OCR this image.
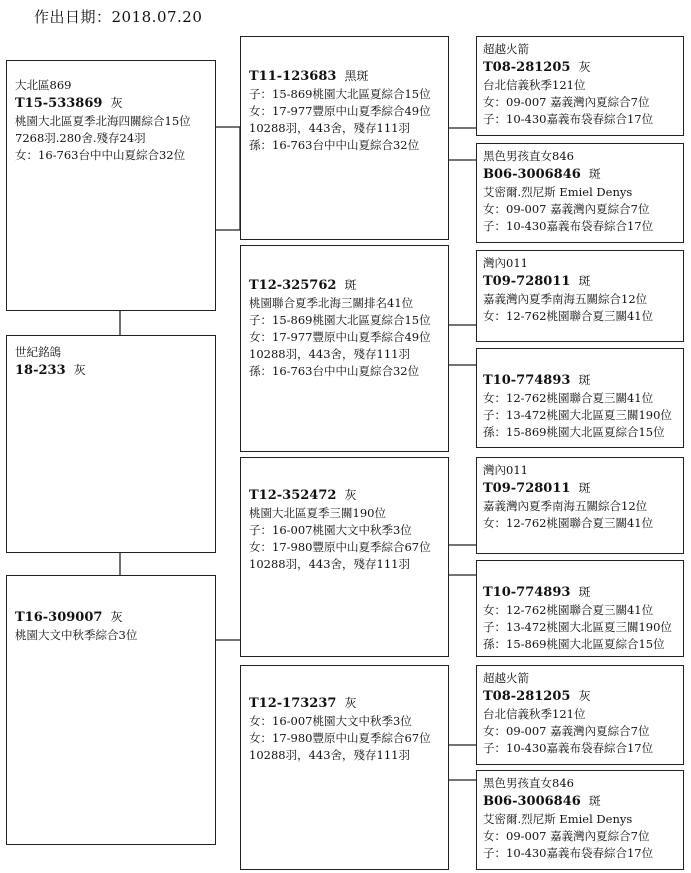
作出日期：2018.07.20
大北區869
T15-533869 灰
桃園大北區夏季北海四關綜合15位
7268羽.280舍.殘存24羽
女：16-763台中中山夏綜合32位
世紀銘鴿
18-233 灰
T16-309007 灰
桃園大文中秋季綜合3位
T11-123683 黑斑
子：15-869桃園大北區夏綜合15位
女：17-977豐原中山夏季綜合49位
10288羽，443舍，殘存111羽
孫：16-763台中中山夏綜合32位
T12-325762 斑
桃園聯合夏季北海三關排名41位
子：15-869桃園大北區夏綜合15位
女：17-977豐原中山夏季綜合49位
10288羽，443舍，殘存111羽
孫：16-763台中中山夏綜合32位
T12-352472 灰
桃園大北區夏季三關190位
子：16-007桃園大文中秋季3位
女：17-980豐原中山夏季綜合67位
10288羽，443舍，殘存111羽
T12-173237 灰
女：16-007桃園大文中秋季3位
女：17-980豐原中山夏季綜合67位
10288羽，443舍，殘存111羽
超越火箭
T08-281205 灰
台北信義秋季121位
女：09-007 嘉義灣內夏綜合7位
子：10-430嘉義布袋春綜合17位
黑色男孩直女846
B06-3006846 斑
艾密爾.烈尼斯 Emiel Denys
女：09-007 嘉義灣內夏綜合7位
子：10-430嘉義布袋春綜合17位
灣內011
T09-728011 斑
嘉義灣內夏季南海五關綜合12位
女：12-762桃園聯合夏三關41位
T10-774893 斑
女：12-762桃園聯合夏三關41位
子：13-472桃園大北區夏三關190位
孫：15-869桃園大北區夏綜合15位
灣內011
T09-728011 斑
嘉義灣內夏季南海五關綜合12位
女：12-762桃園聯合夏三關41位
T10-774893 斑
女：12-762桃園聯合夏三關41位
子：13-472桃園大北區夏三關190位
孫：15-869桃園大北區夏綜合15位
超越火箭
T08-281205 灰
台北信義秋季121位
女：09-007 嘉義灣內夏綜合7位
子：10-430嘉義布袋春綜合17位
黑色男孩直女846
B06-3006846 斑
艾密爾.烈尼斯 Emiel Denys
女：09-007 嘉義灣內夏綜合7位
子：10-430嘉義布袋春綜合17位
